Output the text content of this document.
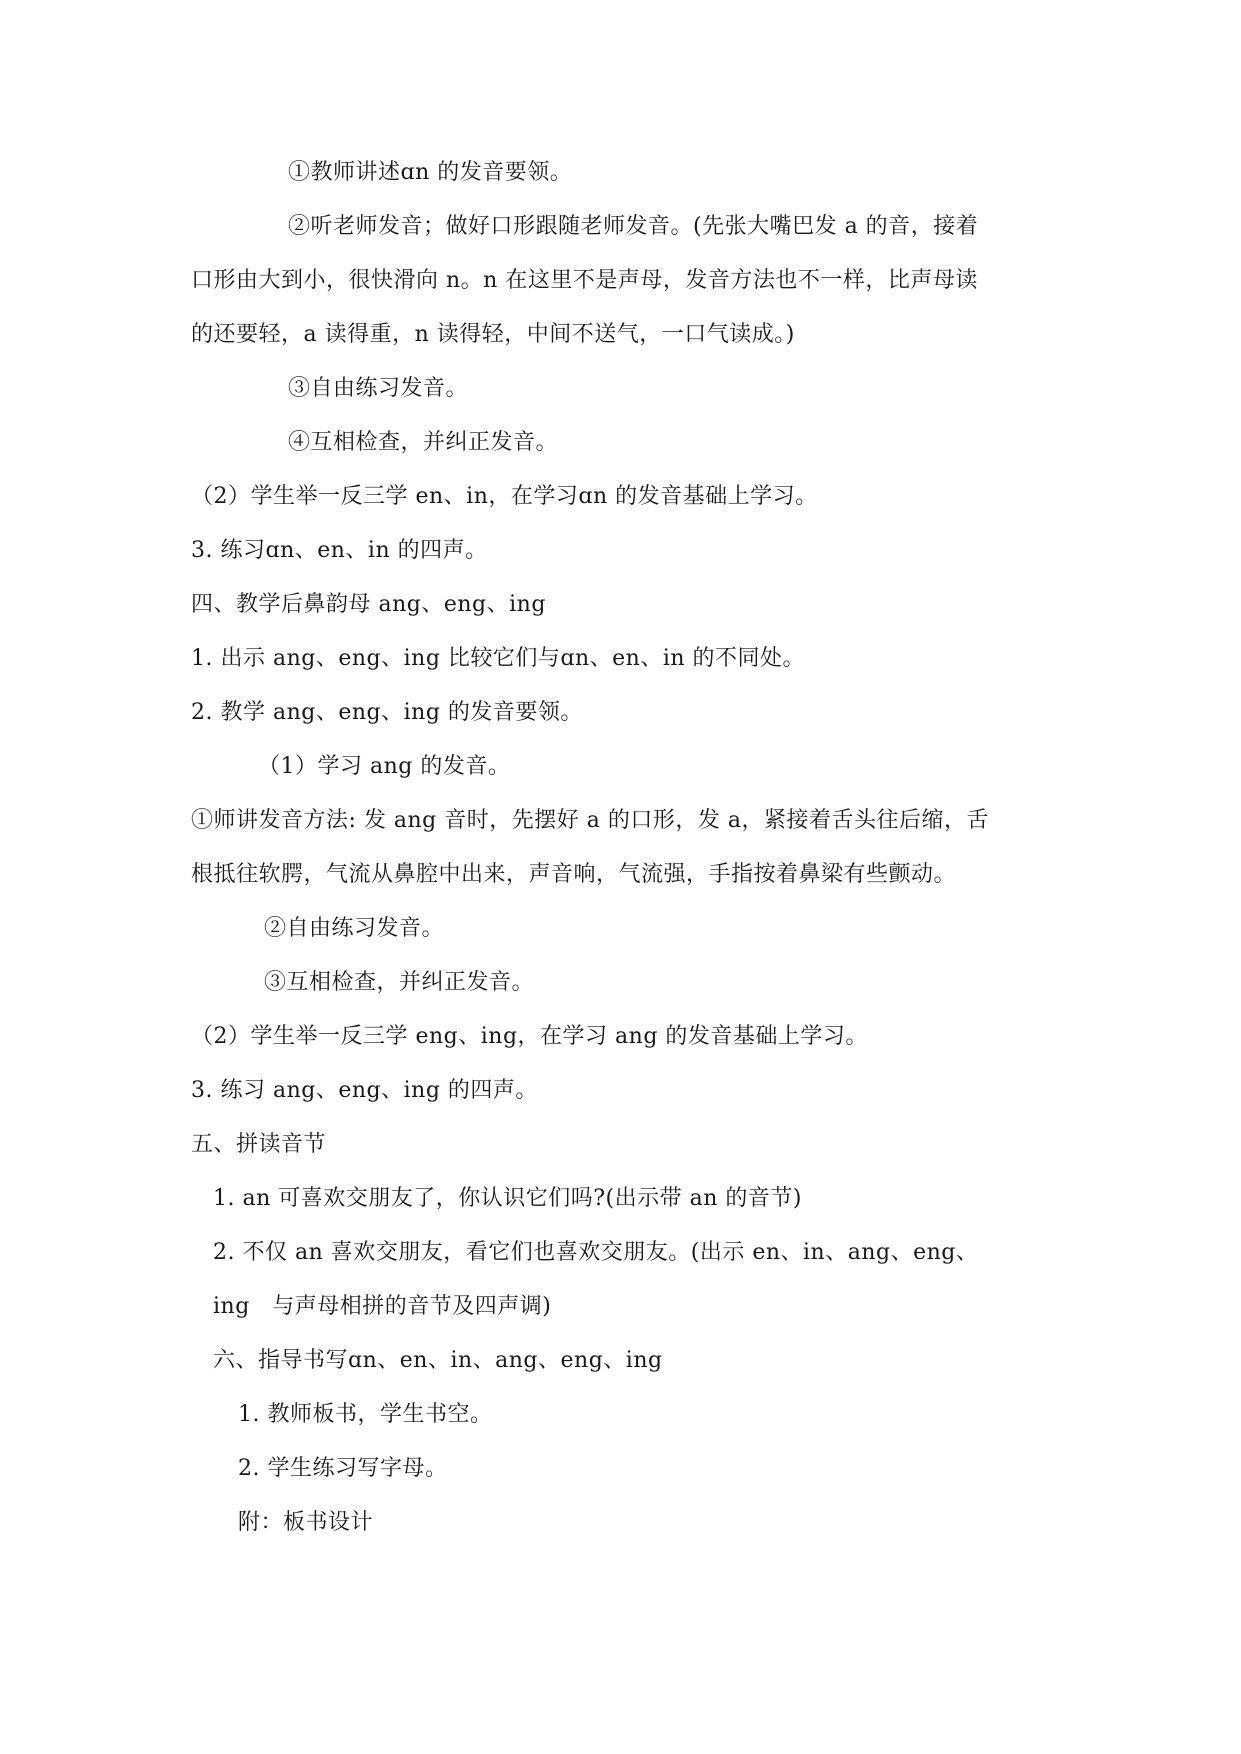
①教师讲述ɑn 的发音要领。
②听老师发音；做好口形跟随老师发音。(先张大嘴巴发 a 的音，接着
口形由大到小，很快滑向 n。n 在这里不是声母，发音方法也不一样，比声母读
的还要轻，a 读得重，n 读得轻，中间不送气，一口气读成。)
③自由练习发音。
④互相检查，并纠正发音。
（2）学生举一反三学 en、in，在学习ɑn 的发音基础上学习。
3. 练习ɑn、en、in 的四声。
四、教学后鼻韵母 ang、eng、ing
1. 出示 ang、eng、ing 比较它们与ɑn、en、in 的不同处。
2. 教学 ang、eng、ing 的发音要领。
（1）学习 ang 的发音。
①师讲发音方法: 发 ang 音时，先摆好 a 的口形，发 a，紧接着舌头往后缩，舌
根抵往软腭，气流从鼻腔中出来，声音响，气流强，手指按着鼻梁有些颤动。
②自由练习发音。
③互相检查，并纠正发音。
（2）学生举一反三学 eng、ing，在学习 ang 的发音基础上学习。
3. 练习 ang、eng、ing 的四声。
五、拼读音节
1. an 可喜欢交朋友了，你认识它们吗?(出示带 an 的音节)
2. 不仅 an 喜欢交朋友，看它们也喜欢交朋友。(出示 en、in、ang、eng、
ing　与声母相拼的音节及四声调)
六、指导书写ɑn、en、in、ang、eng、ing
1. 教师板书，学生书空。
2. 学生练习写字母。
附：板书设计
